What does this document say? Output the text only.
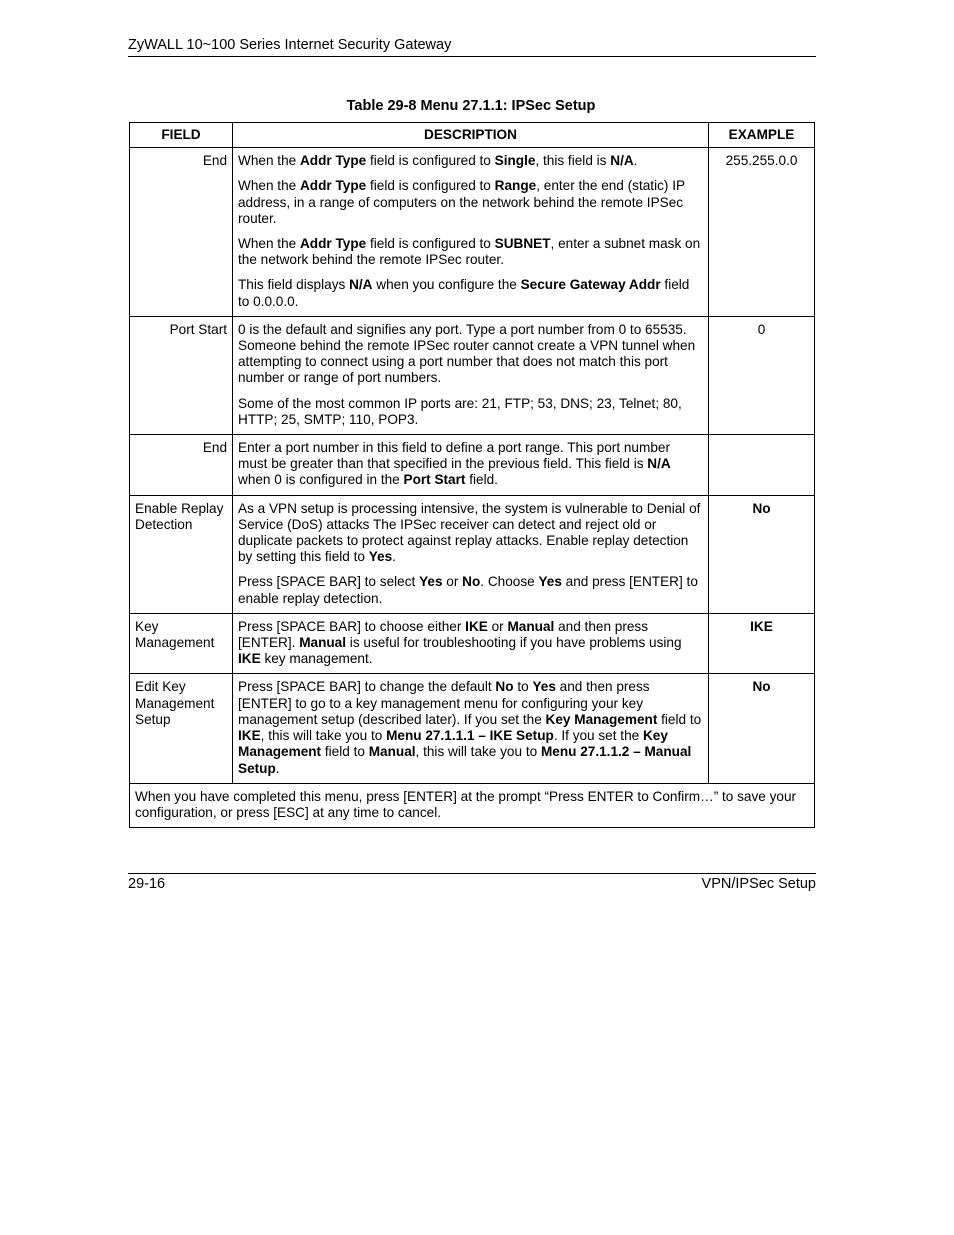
ZyWALL 10~100 Series Internet Security Gateway
Table 29-8 Menu 27.1.1: IPSec Setup
FIELD	DESCRIPTION	EXAMPLE
End	When the Addr Type field is configured to Single, this field is N/A.

When the Addr Type field is configured to Range, enter the end (static) IP address, in a range of computers on the network behind the remote IPSec router.

When the Addr Type field is configured to SUBNET, enter a subnet mask on the network behind the remote IPSec router.

This field displays N/A when you configure the Secure Gateway Addr field to 0.0.0.0.	255.255.0.0
Port Start	0 is the default and signifies any port. Type a port number from 0 to 65535. Someone behind the remote IPSec router cannot create a VPN tunnel when attempting to connect using a port number that does not match this port number or range of port numbers.

Some of the most common IP ports are: 21, FTP; 53, DNS; 23, Telnet; 80, HTTP; 25, SMTP; 110, POP3.	0
End	Enter a port number in this field to define a port range. This port number must be greater than that specified in the previous field. This field is N/A when 0 is configured in the Port Start field.	

Enable Replay Detection	As a VPN setup is processing intensive, the system is vulnerable to Denial of Service (DoS) attacks The IPSec receiver can detect and reject old or duplicate packets to protect against replay attacks. Enable replay detection by setting this field to Yes.

Press [SPACE BAR] to select Yes or No. Choose Yes and press [ENTER] to enable replay detection.	No
Key Management	Press [SPACE BAR] to choose either IKE or Manual and then press [ENTER]. Manual is useful for troubleshooting if you have problems using IKE key management.	IKE
Edit Key Management Setup	Press [SPACE BAR] to change the default No to Yes and then press [ENTER] to go to a key management menu for configuring your key management setup (described later). If you set the Key Management field to IKE, this will take you to Menu 27.1.1.1 – IKE Setup. If you set the Key Management field to Manual, this will take you to Menu 27.1.1.2 – Manual Setup.	No
When you have completed this menu, press [ENTER] at the prompt “Press ENTER to Confirm…” to save your configuration, or press [ESC] at any time to cancel.		
29-16	VPN/IPSec Setup
